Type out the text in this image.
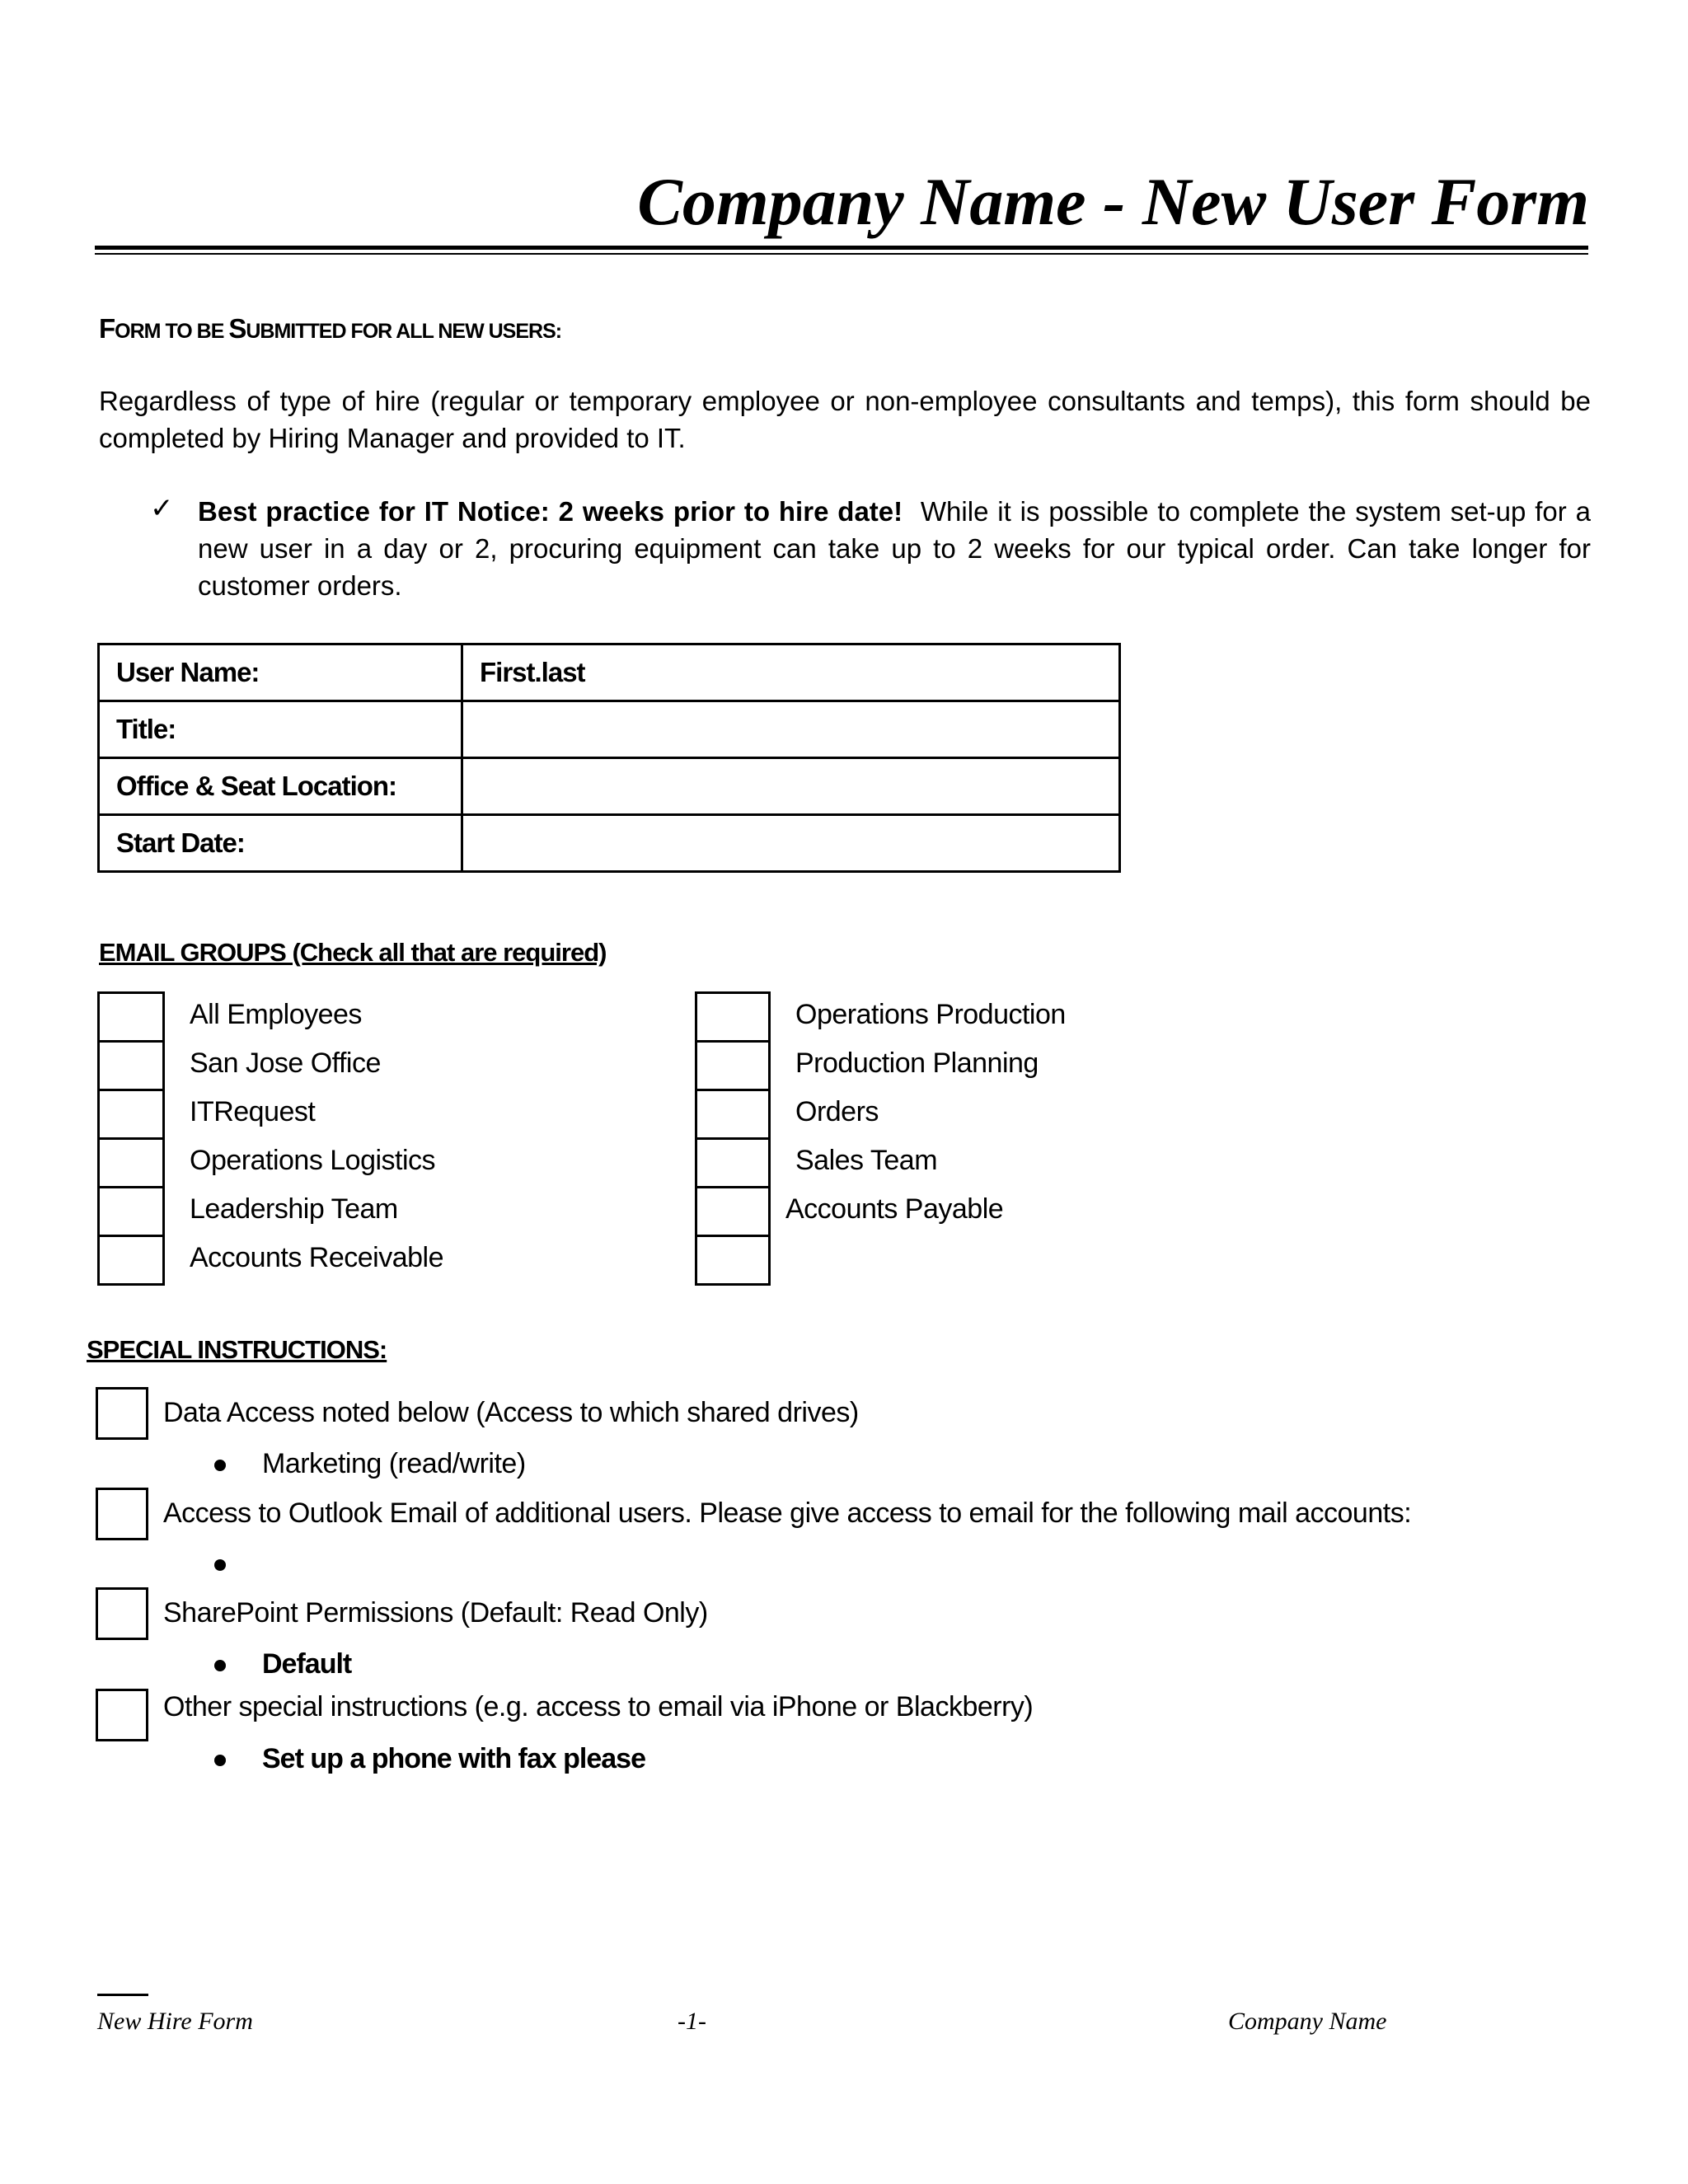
Company Name - New User Form
FORM TO BE SUBMITTED FOR ALL NEW USERS:
Regardless of type of hire (regular or temporary employee or non-employee consultants and temps), this form should be completed by Hiring Manager and provided to IT.
✓ Best practice for IT Notice: 2 weeks prior to hire date! While it is possible to complete the system set-up for a new user in a day or 2, procuring equipment can take up to 2 weeks for our typical order. Can take longer for customer orders.
User Name:	First.last
Title:	
Office & Seat Location:	
Start Date:	
EMAIL GROUPS (Check all that are required)
All Employees
San Jose Office
ITRequest
Operations Logistics
Leadership Team
Accounts Receivable
Operations Production
Production Planning
Orders
Sales Team
Accounts Payable
SPECIAL INSTRUCTIONS:
Data Access noted below (Access to which shared drives)
Marketing (read/write)
Access to Outlook Email of additional users. Please give access to email for the following mail accounts:
SharePoint Permissions (Default: Read Only)
Default
Other special instructions (e.g. access to email via iPhone or Blackberry)
Set up a phone with fax please
New Hire Form	-1-	Company Name
